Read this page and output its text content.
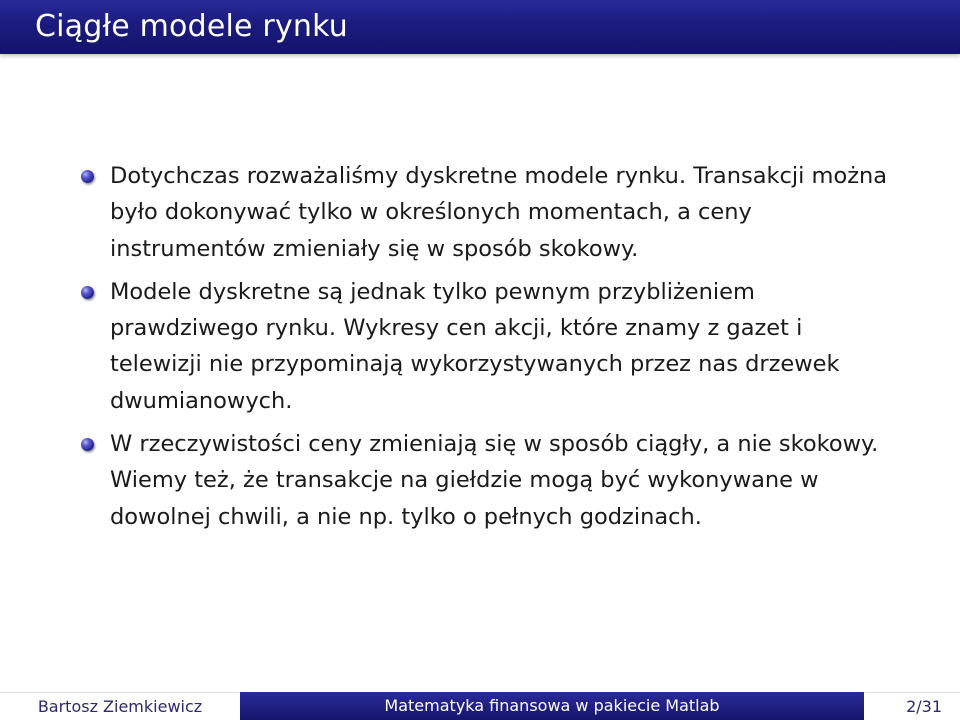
Ciągłe modele rynku
Dotychczas rozważaliśmy dyskretne modele rynku. Transakcji można było dokonywać tylko w określonych momentach, a ceny instrumentów zmieniały się w sposób skokowy.
Modele dyskretne są jednak tylko pewnym przybliżeniem prawdziwego rynku. Wykresy cen akcji, które znamy z gazet i telewizji nie przypominają wykorzystywanych przez nas drzewek dwumianowych.
W rzeczywistości ceny zmieniają się w sposób ciągły, a nie skokowy. Wiemy też, że transakcje na giełdzie mogą być wykonywane w dowolnej chwili, a nie np. tylko o pełnych godzinach.
Bartosz Ziemkiewicz	Matematyka finansowa w pakiecie Matlab	2/31
